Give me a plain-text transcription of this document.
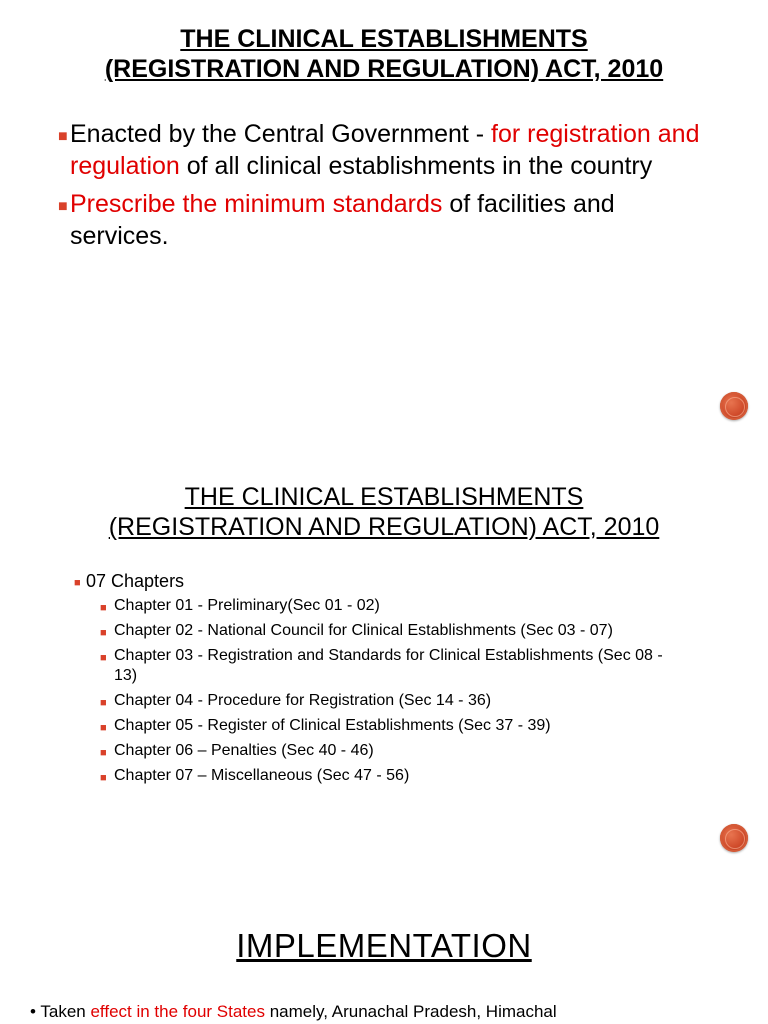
THE CLINICAL ESTABLISHMENTS

(REGISTRATION AND REGULATION) ACT, 2010

■ Enacted by the Central Government - for registration and regulation of all clinical establishments in the country
■ Prescribe the minimum standards of facilities and services.

THE CLINICAL ESTABLISHMENTS

(REGISTRATION AND REGULATION) ACT, 2010

■ 07 Chapters
■ Chapter 01 - Preliminary(Sec 01 - 02)
■ Chapter 02 - National Council for Clinical Establishments (Sec 03 - 07)
■ Chapter 03 - Registration and Standards for Clinical Establishments (Sec 08 - 13)
■ Chapter 04 - Procedure for Registration (Sec 14 - 36)
■ Chapter 05 - Register of Clinical Establishments (Sec 37 - 39)
■ Chapter 06 – Penalties (Sec 40 - 46)
■ Chapter 07 – Miscellaneous (Sec 47 - 56)

IMPLEMENTATION

• Taken effect in the four States namely, Arunachal Pradesh, Himachal
